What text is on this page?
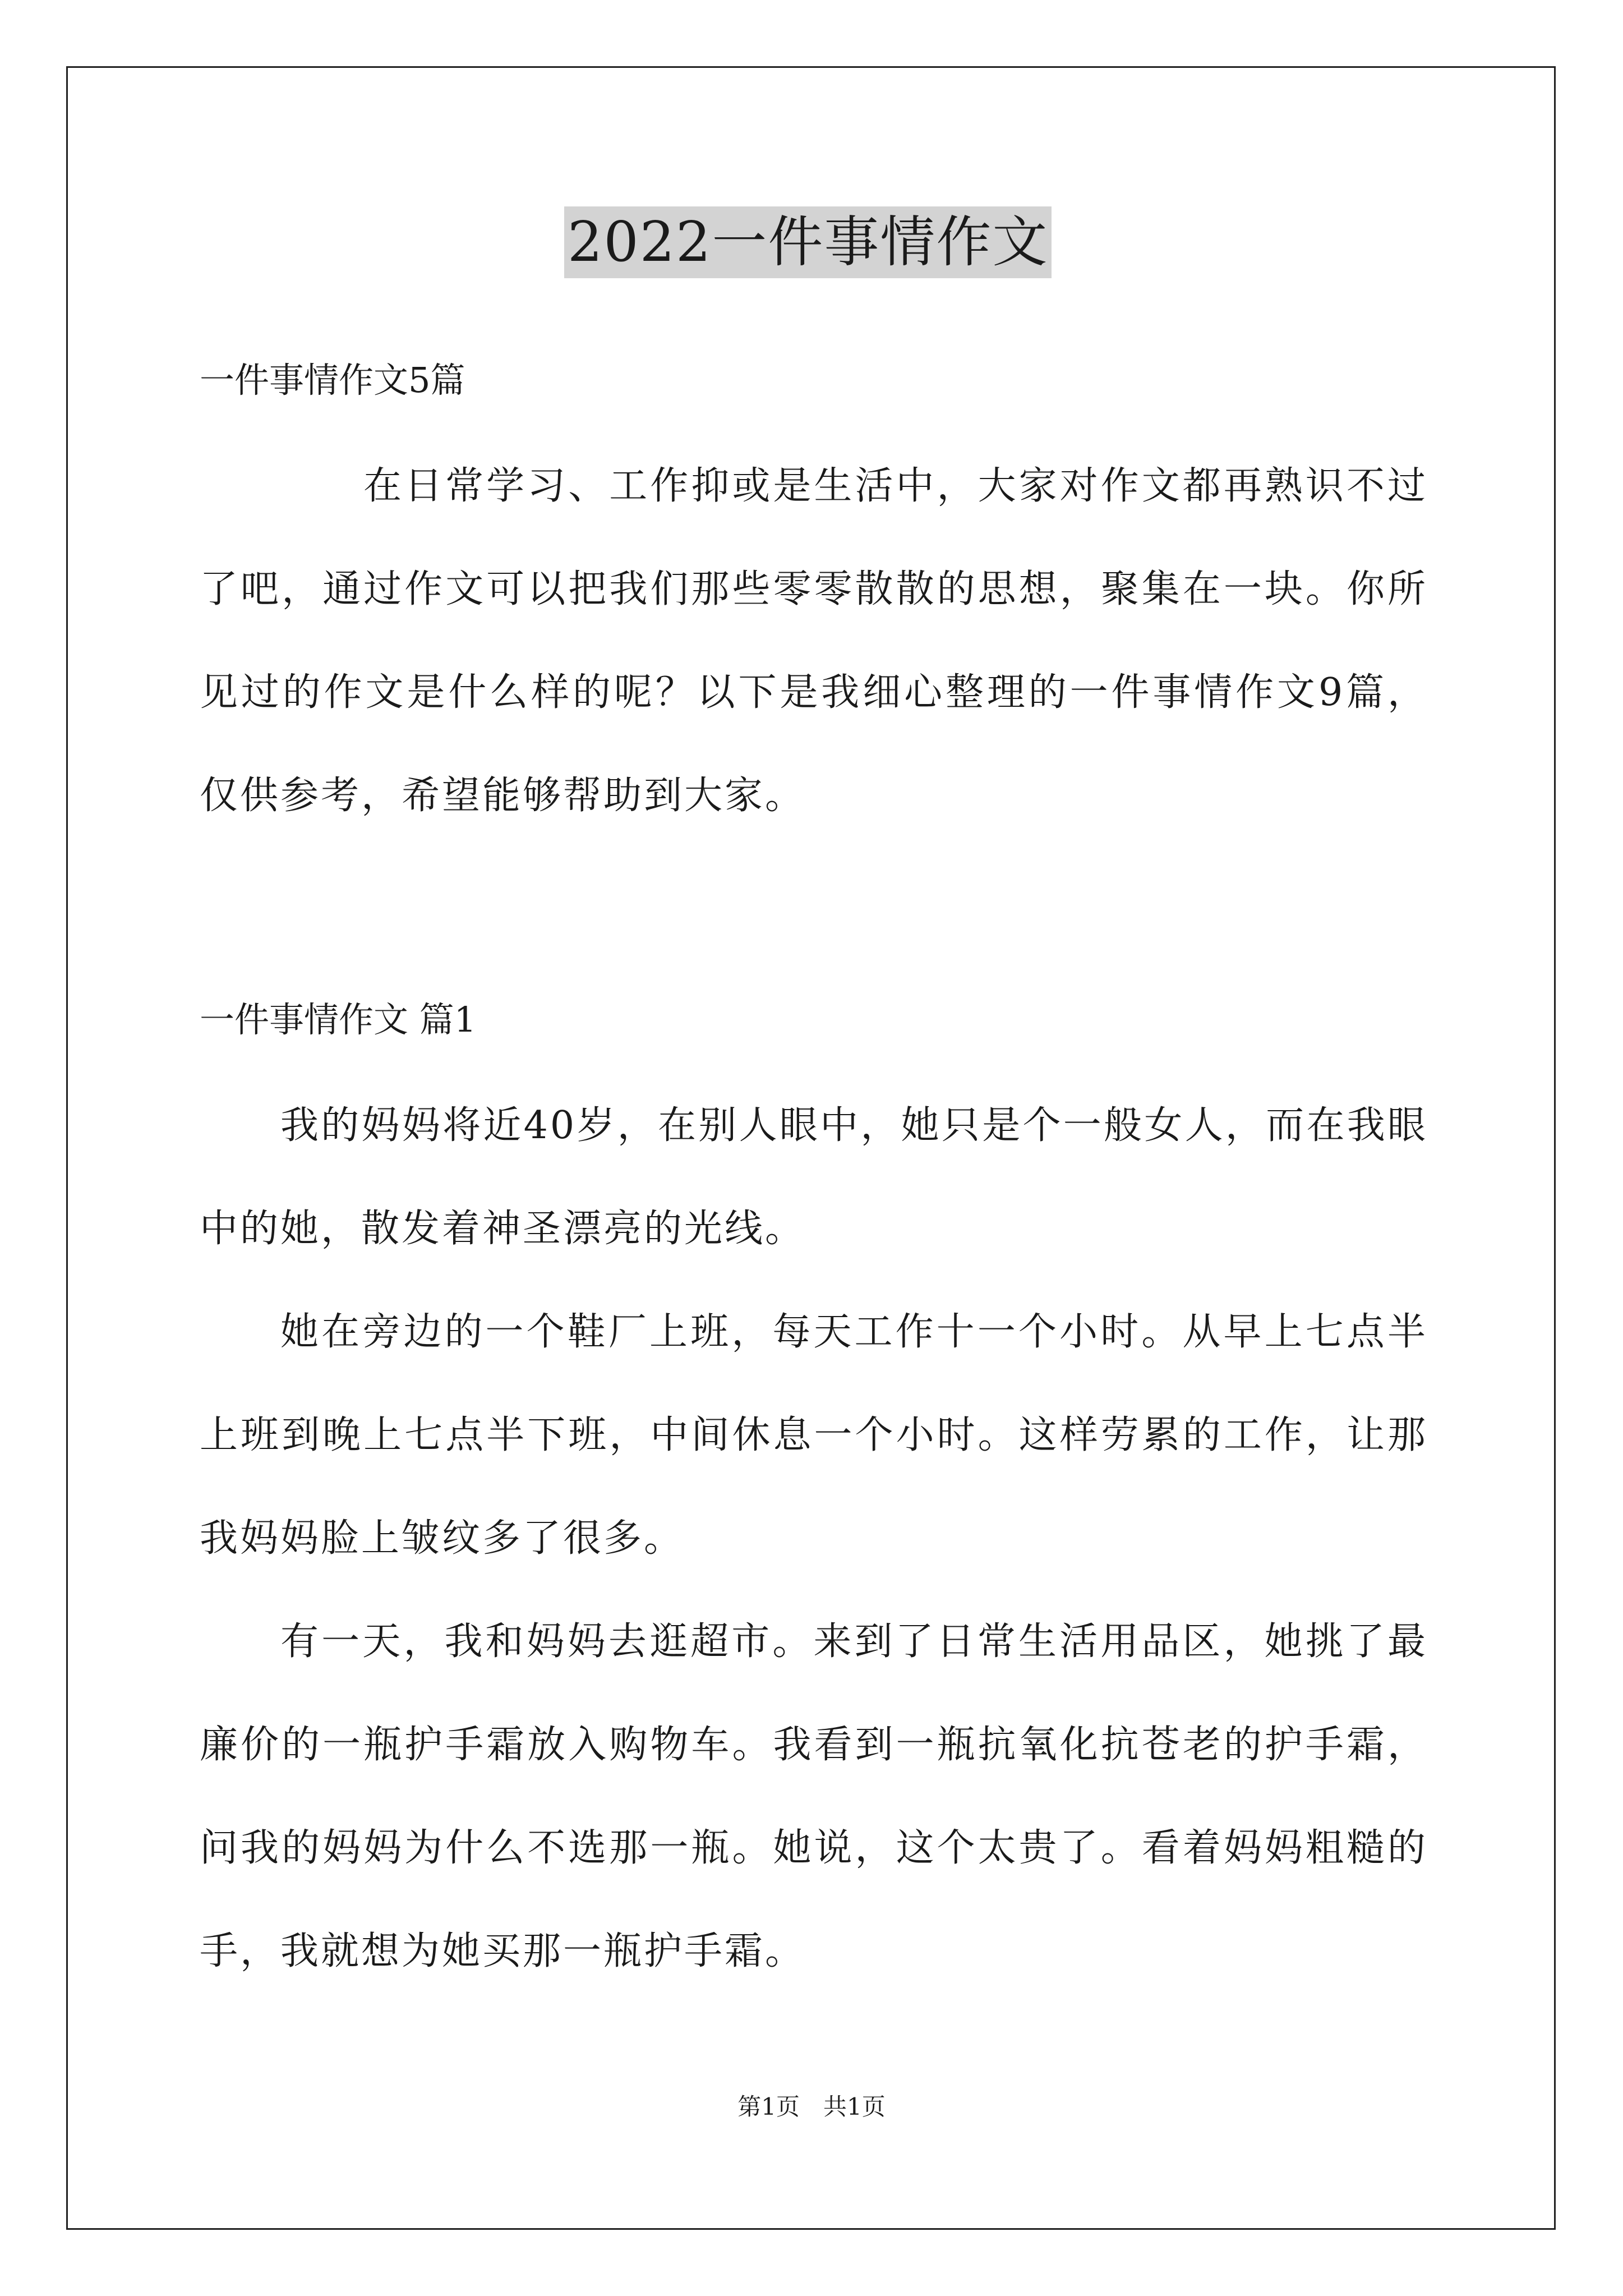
2022一件事情作文
一件事情作文5篇

在日常学习、工作抑或是生活中，大家对作文都再熟识不过了吧，通过作文可以把我们那些零零散散的思想，聚集在一块。你所见过的作文是什么样的呢？以下是我细心整理的一件事情作文9篇，仅供参考，希望能够帮助到大家。

一件事情作文 篇1

我的妈妈将近40岁，在别人眼中，她只是个一般女人，而在我眼中的她，散发着神圣漂亮的光线。

她在旁边的一个鞋厂上班，每天工作十一个小时。从早上七点半上班到晚上七点半下班，中间休息一个小时。这样劳累的工作，让那我妈妈脸上皱纹多了很多。

有一天，我和妈妈去逛超市。来到了日常生活用品区，她挑了最廉价的一瓶护手霜放入购物车。我看到一瓶抗氧化抗苍老的护手霜，问我的妈妈为什么不选那一瓶。她说，这个太贵了。看着妈妈粗糙的手，我就想为她买那一瓶护手霜。

第1页　共1页
